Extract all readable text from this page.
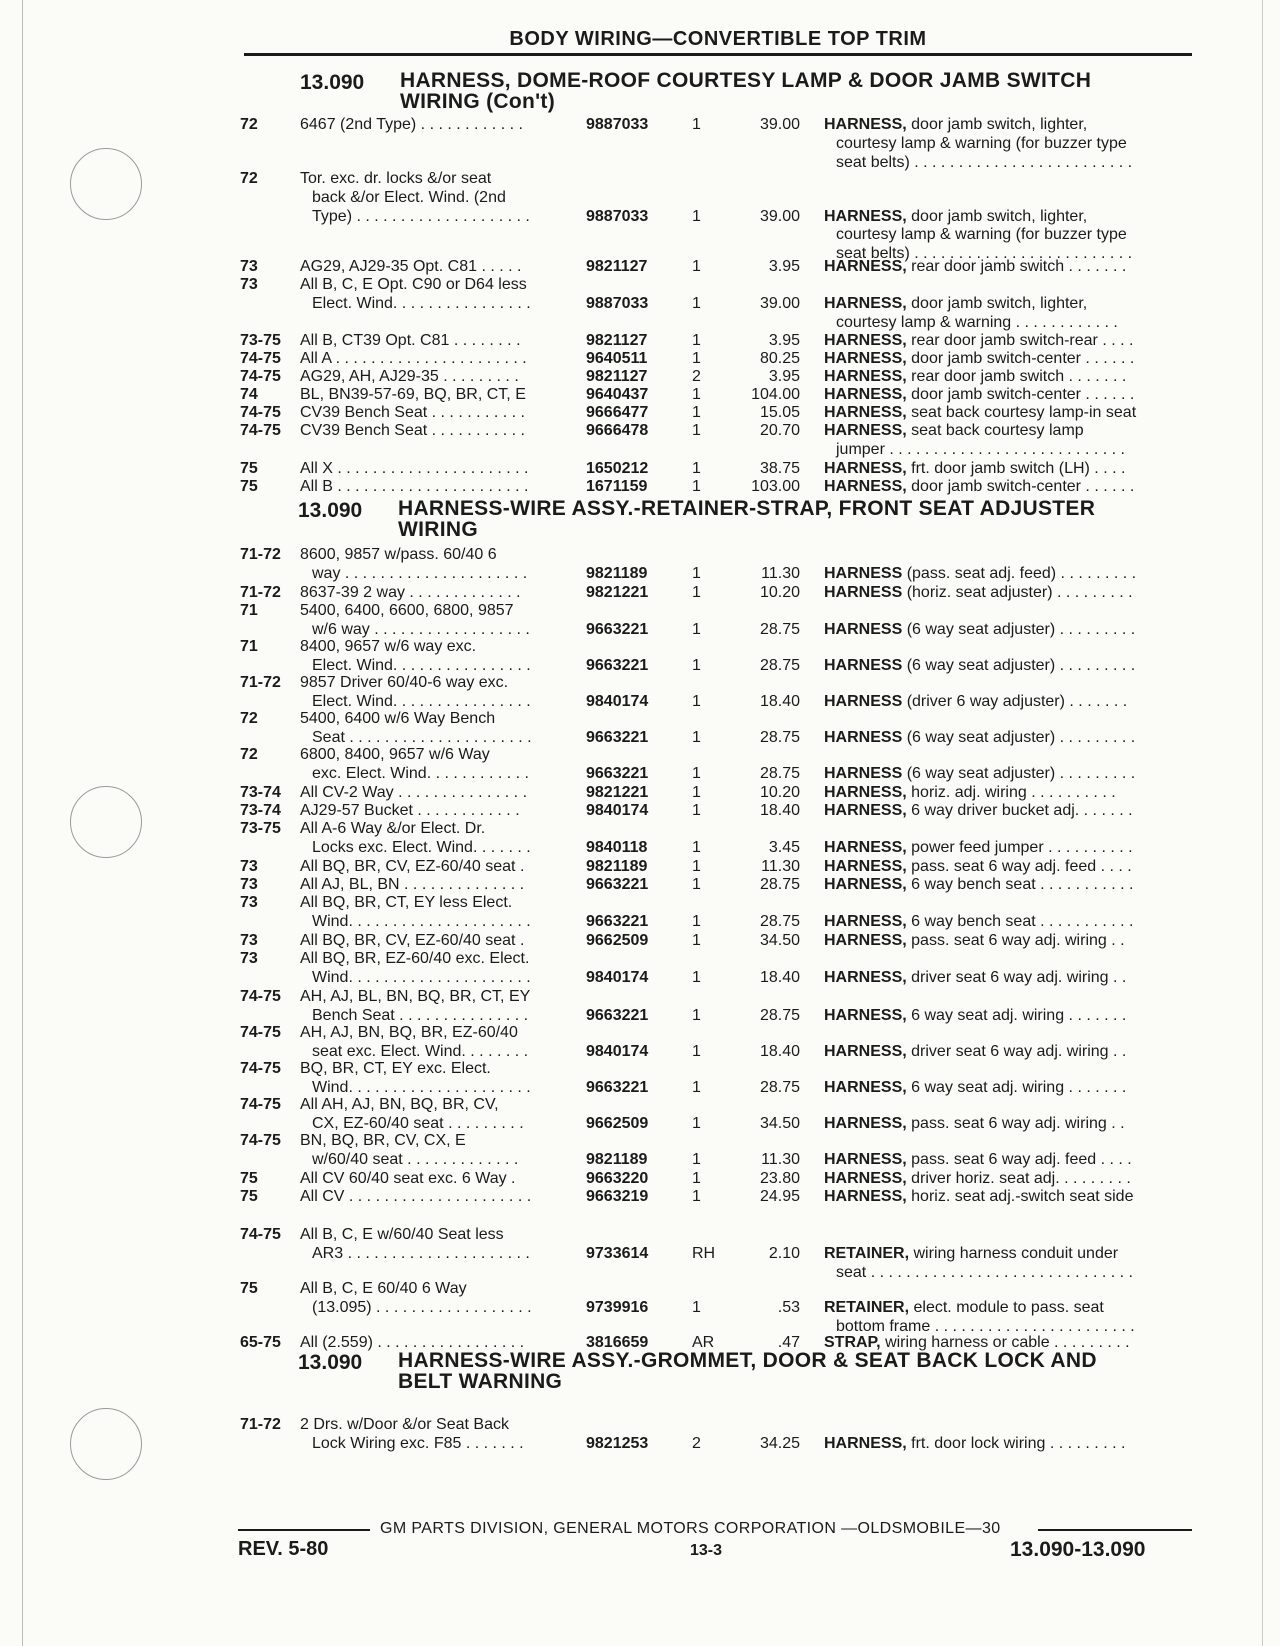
BODY WIRING—CONVERTIBLE TOP TRIM
13.090 HARNESS, DOME-ROOF COURTESY LAMP & DOOR JAMB SWITCH
WIRING (Con't)
72	6467 (2nd Type) . . . . . . . . . . . .	9887033	1	39.00 HARNESS, door jamb switch, lighter,
courtesy lamp & warning (for buzzer type
seat belts) . . . . . . . . . . . . . . . . . . . . . . . . .
72	Tor. exc. dr. locks &/or seat
back &/or Elect. Wind. (2nd
Type) . . . . . . . . . . . . . . . . . . . .	9887033	1	39.00 HARNESS, door jamb switch, lighter,
courtesy lamp & warning (for buzzer type
seat belts) . . . . . . . . . . . . . . . . . . . . . . . . .
73	AG29, AJ29-35 Opt. C81 . . . . .	9821127	1	3.95 HARNESS, rear door jamb switch . . . . . . .
73	All B, C, E Opt. C90 or D64 less
Elect. Wind. . . . . . . . . . . . . . . .	9887033	1	39.00 HARNESS, door jamb switch, lighter,
courtesy lamp & warning . . . . . . . . . . . .
73-75 All B, CT39 Opt. C81 . . . . . . . .	9821127	1	3.95 HARNESS, rear door jamb switch-rear . . . .
74-75 All A . . . . . . . . . . . . . . . . . . . . . .	9640511	1	80.25 HARNESS, door jamb switch-center . . . . . .
74-75 AG29, AH, AJ29-35 . . . . . . . . .	9821127	2	3.95 HARNESS, rear door jamb switch . . . . . . .
74	BL, BN39-57-69, BQ, BR, CT, E	9640437	1	104.00 HARNESS, door jamb switch-center . . . . . .
74-75 CV39 Bench Seat . . . . . . . . . . .	9666477	1	15.05 HARNESS, seat back courtesy lamp-in seat
74-75 CV39 Bench Seat . . . . . . . . . . .	9666478	1	20.70 HARNESS, seat back courtesy lamp
jumper . . . . . . . . . . . . . . . . . . . . . . . . . . .
75	All X . . . . . . . . . . . . . . . . . . . . . .	1650212	1	38.75 HARNESS, frt. door jamb switch (LH) . . . .
75	All B . . . . . . . . . . . . . . . . . . . . . .	1671159	1	103.00 HARNESS, door jamb switch-center . . . . . .
13.090 HARNESS-WIRE ASSY.-RETAINER-STRAP, FRONT SEAT ADJUSTER
WIRING
71-72 8600, 9857 w/pass. 60/40 6
way . . . . . . . . . . . . . . . . . . . . .	9821189	1	11.30 HARNESS (pass. seat adj. feed) . . . . . . . . .
71-72 8637-39 2 way . . . . . . . . . . . . .	9821221	1	10.20 HARNESS (horiz. seat adjuster) . . . . . . . . .
71	5400, 6400, 6600, 6800, 9857
w/6 way . . . . . . . . . . . . . . . . . .	9663221	1	28.75 HARNESS (6 way seat adjuster) . . . . . . . . .
71	8400, 9657 w/6 way exc.
Elect. Wind. . . . . . . . . . . . . . . .	9663221	1	28.75 HARNESS (6 way seat adjuster) . . . . . . . . .
71-72 9857 Driver 60/40-6 way exc.
Elect. Wind. . . . . . . . . . . . . . . .	9840174	1	18.40 HARNESS (driver 6 way adjuster) . . . . . . .
72	5400, 6400 w/6 Way Bench
Seat . . . . . . . . . . . . . . . . . . . . .	9663221	1	28.75 HARNESS (6 way seat adjuster) . . . . . . . . .
72	6800, 8400, 9657 w/6 Way
exc. Elect. Wind. . . . . . . . . . . .	9663221	1	28.75 HARNESS (6 way seat adjuster) . . . . . . . . .
73-74 All CV-2 Way . . . . . . . . . . . . . . .	9821221	1	10.20 HARNESS, horiz. adj. wiring . . . . . . . . . .
73-74 AJ29-57 Bucket . . . . . . . . . . . .	9840174	1	18.40 HARNESS, 6 way driver bucket adj. . . . . . .
73-75 All A-6 Way &/or Elect. Dr.
Locks exc. Elect. Wind. . . . . . .	9840118	1	3.45 HARNESS, power feed jumper . . . . . . . . . .
73	All BQ, BR, CV, EZ-60/40 seat .	9821189	1	11.30 HARNESS, pass. seat 6 way adj. feed . . . .
73	All AJ, BL, BN . . . . . . . . . . . . . .	9663221	1	28.75 HARNESS, 6 way bench seat . . . . . . . . . . .
73	All BQ, BR, CT, EY less Elect.
Wind. . . . . . . . . . . . . . . . . . . . .	9663221	1	28.75 HARNESS, 6 way bench seat . . . . . . . . . . .
73	All BQ, BR, CV, EZ-60/40 seat .	9662509	1	34.50 HARNESS, pass. seat 6 way adj. wiring . .
73	All BQ, BR, EZ-60/40 exc. Elect.
Wind. . . . . . . . . . . . . . . . . . . . .	9840174	1	18.40 HARNESS, driver seat 6 way adj. wiring . .
74-75 AH, AJ, BL, BN, BQ, BR, CT, EY
Bench Seat . . . . . . . . . . . . . . .	9663221	1	28.75 HARNESS, 6 way seat adj. wiring . . . . . . .
74-75 AH, AJ, BN, BQ, BR, EZ-60/40
seat exc. Elect. Wind. . . . . . . .	9840174	1	18.40 HARNESS, driver seat 6 way adj. wiring . .
74-75 BQ, BR, CT, EY exc. Elect.
Wind. . . . . . . . . . . . . . . . . . . . .	9663221	1	28.75 HARNESS, 6 way seat adj. wiring . . . . . . .
74-75 All AH, AJ, BN, BQ, BR, CV,
CX, EZ-60/40 seat . . . . . . . . .	9662509	1	34.50 HARNESS, pass. seat 6 way adj. wiring . .
74-75 BN, BQ, BR, CV, CX, E
w/60/40 seat . . . . . . . . . . . . .	9821189	1	11.30 HARNESS, pass. seat 6 way adj. feed . . . .
75	All CV 60/40 seat exc. 6 Way .	9663220	1	23.80 HARNESS, driver horiz. seat adj. . . . . . . . .
75	All CV . . . . . . . . . . . . . . . . . . . . .	9663219	1	24.95 HARNESS, horiz. seat adj.-switch seat side
74-75 All B, C, E w/60/40 Seat less
AR3 . . . . . . . . . . . . . . . . . . . . .	9733614	RH	2.10 RETAINER, wiring harness conduit under
seat . . . . . . . . . . . . . . . . . . . . . . . . . . . . . .
75	All B, C, E 60/40 6 Way
(13.095) . . . . . . . . . . . . . . . . . .	9739916	1	.53 RETAINER, elect. module to pass. seat
bottom frame . . . . . . . . . . . . . . . . . . . . . . .
65-75 All (2.559) . . . . . . . . . . . . . . . . .	3816659	AR	.47 STRAP, wiring harness or cable . . . . . . . . .
13.090 HARNESS-WIRE ASSY.-GROMMET, DOOR & SEAT BACK LOCK AND
BELT WARNING
71-72 2 Drs. w/Door &/or Seat Back
Lock Wiring exc. F85 . . . . . . .	9821253	2	34.25 HARNESS, frt. door lock wiring . . . . . . . . .
GM PARTS DIVISION, GENERAL MOTORS CORPORATION —OLDSMOBILE—30
REV. 5-80	13-3	13.090-13.090
